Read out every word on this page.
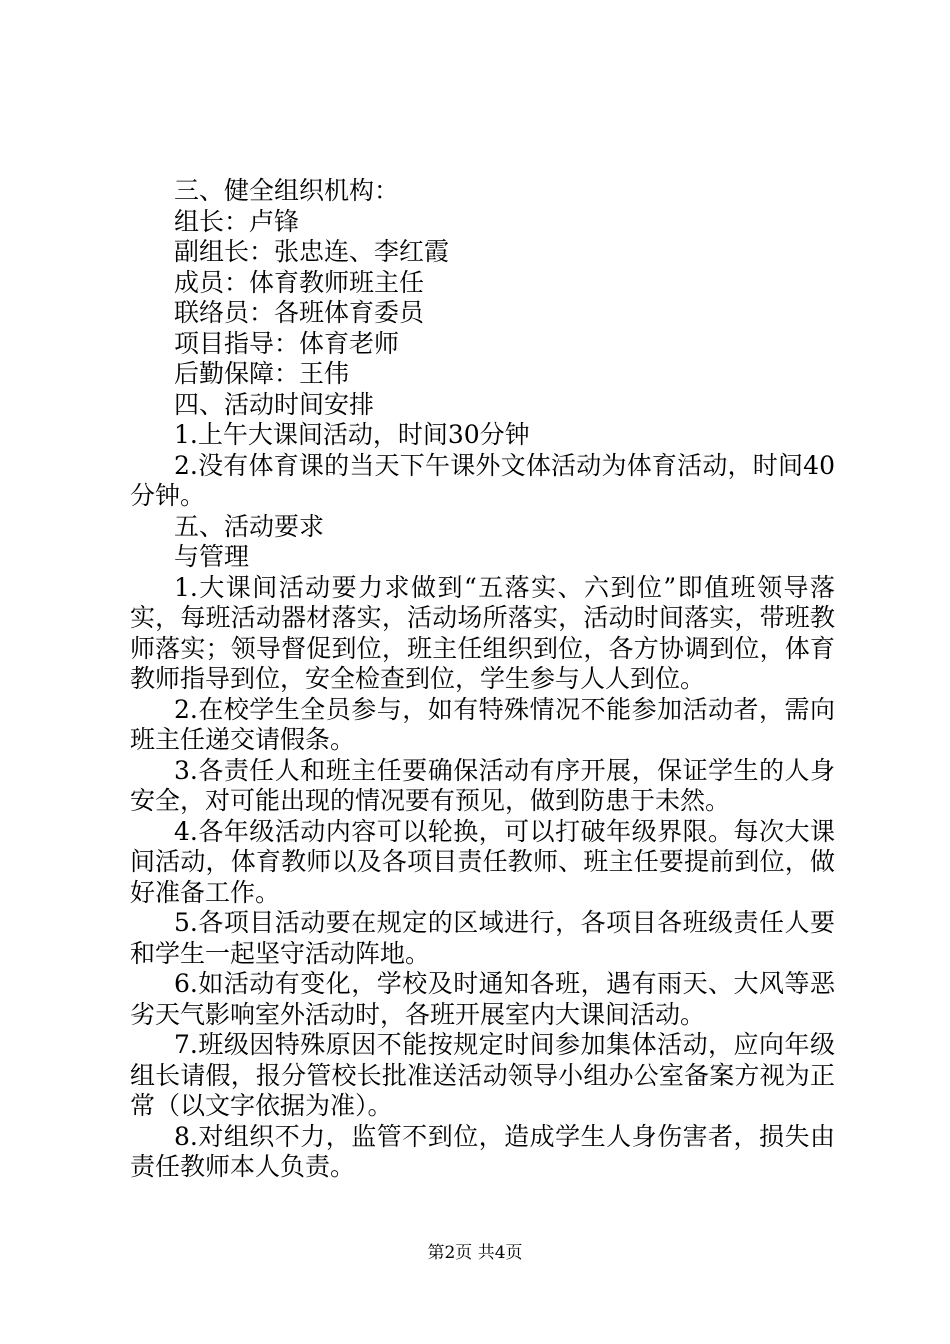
三、健全组织机构：

组长：卢锋

副组长：张忠连、李红霞

成员：体育教师班主任

联络员：各班体育委员

项目指导：体育老师

后勤保障：王伟

四、活动时间安排

1.上午大课间活动，时间30分钟

2.没有体育课的当天下午课外文体活动为体育活动，时间40分钟。

五、活动要求

与管理

1.大课间活动要力求做到“五落实、六到位”即值班领导落实，每班活动器材落实，活动场所落实，活动时间落实，带班教师落实；领导督促到位，班主任组织到位，各方协调到位，体育教师指导到位，安全检查到位，学生参与人人到位。

2.在校学生全员参与，如有特殊情况不能参加活动者，需向班主任递交请假条。

3.各责任人和班主任要确保活动有序开展，保证学生的人身安全，对可能出现的情况要有预见，做到防患于未然。

4.各年级活动内容可以轮换，可以打破年级界限。每次大课间活动，体育教师以及各项目责任教师、班主任要提前到位，做好准备工作。

5.各项目活动要在规定的区域进行，各项目各班级责任人要和学生一起坚守活动阵地。

6.如活动有变化，学校及时通知各班，遇有雨天、大风等恶劣天气影响室外活动时，各班开展室内大课间活动。

7.班级因特殊原因不能按规定时间参加集体活动，应向年级组长请假，报分管校长批准送活动领导小组办公室备案方视为正常（以文字依据为准）。

8.对组织不力，监管不到位，造成学生人身伤害者，损失由责任教师本人负责。

第2页 共4页
